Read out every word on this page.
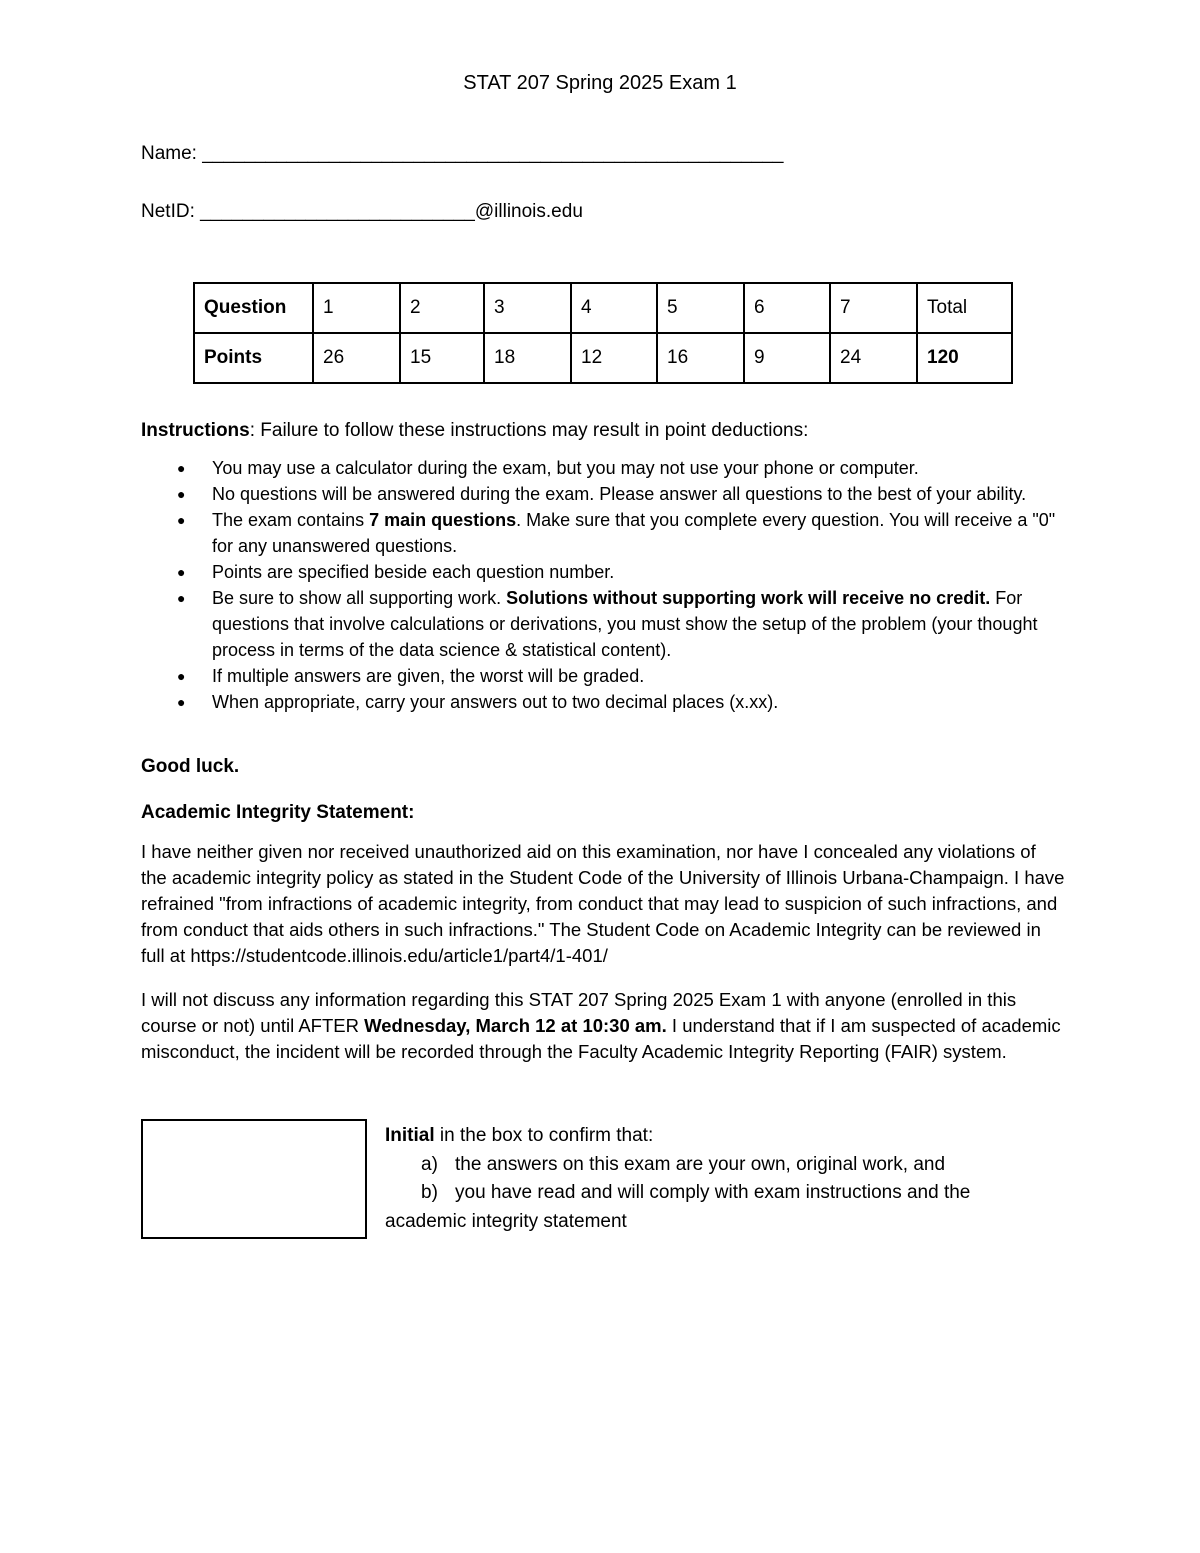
STAT 207 Spring 2025 Exam 1
Name: _______________________________________________________
NetID: __________________________@illinois.edu
Question	1	2	3	4	5	6	7	Total
Points	26	15	18	12	16	9	24	120
Instructions: Failure to follow these instructions may result in point deductions:
● You may use a calculator during the exam, but you may not use your phone or computer.
● No questions will be answered during the exam. Please answer all questions to the best of your ability.
● The exam contains 7 main questions. Make sure that you complete every question. You will receive a "0" for any unanswered questions.
● Points are specified beside each question number.
● Be sure to show all supporting work. Solutions without supporting work will receive no credit. For questions that involve calculations or derivations, you must show the setup of the problem (your thought process in terms of the data science & statistical content).
● If multiple answers are given, the worst will be graded.
● When appropriate, carry your answers out to two decimal places (x.xx).
Good luck.
Academic Integrity Statement:
I have neither given nor received unauthorized aid on this examination, nor have I concealed any violations of the academic integrity policy as stated in the Student Code of the University of Illinois Urbana-Champaign. I have refrained "from infractions of academic integrity, from conduct that may lead to suspicion of such infractions, and from conduct that aids others in such infractions." The Student Code on Academic Integrity can be reviewed in full at https://studentcode.illinois.edu/article1/part4/1-401/
I will not discuss any information regarding this STAT 207 Spring 2025 Exam 1 with anyone (enrolled in this course or not) until AFTER Wednesday, March 12 at 10:30 am. I understand that if I am suspected of academic misconduct, the incident will be recorded through the Faculty Academic Integrity Reporting (FAIR) system.
Initial in the box to confirm that:
a) the answers on this exam are your own, original work, and
b) you have read and will comply with exam instructions and the
academic integrity statement
